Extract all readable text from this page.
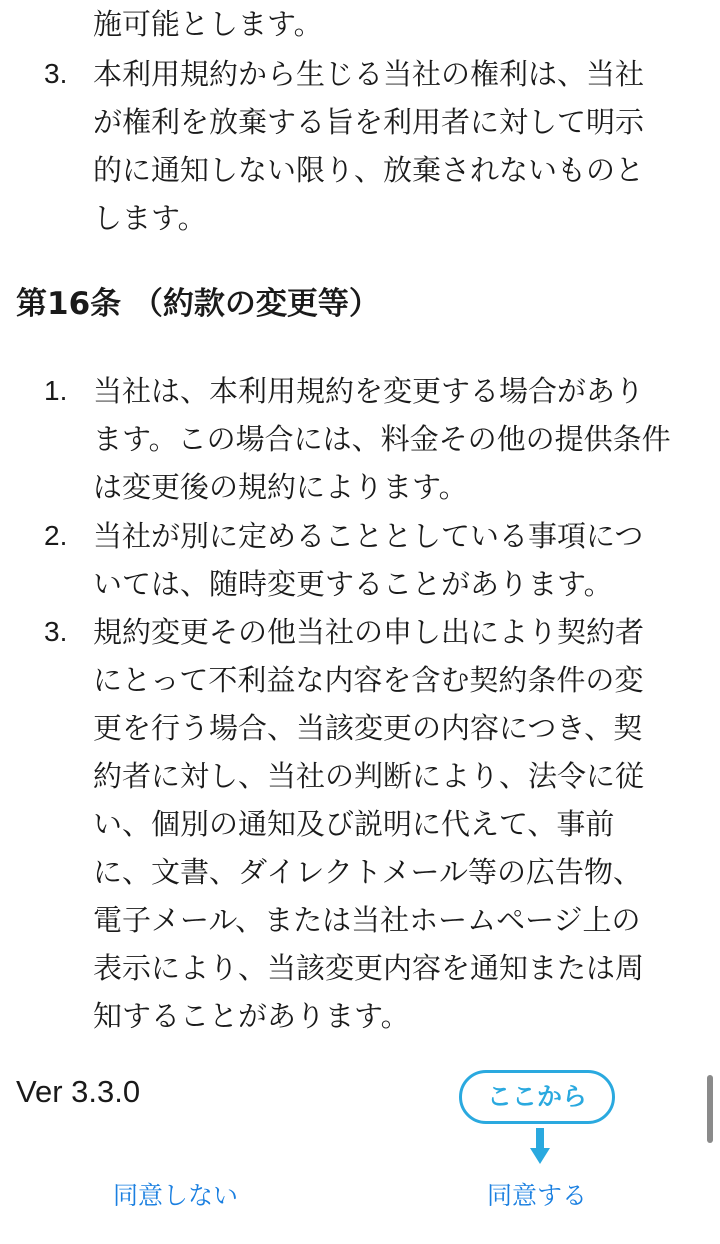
施可能とします。
3. 本利用規約から生じる当社の権利は、当社
が権利を放棄する旨を利用者に対して明示
的に通知しない限り、放棄されないものと
します。
第16条 （約款の変更等）
1. 当社は、本利用規約を変更する場合があり
ます。この場合には、料金その他の提供条件
は変更後の規約によります。
2. 当社が別に定めることとしている事項につ
いては、随時変更することがあります。
3. 規約変更その他当社の申し出により契約者
にとって不利益な内容を含む契約条件の変
更を行う場合、当該変更の内容につき、契
約者に対し、当社の判断により、法令に従
い、個別の通知及び説明に代えて、事前
に、文書、ダイレクトメール等の広告物、
電子メール、または当社ホームページ上の
表示により、当該変更内容を通知または周
知することがあります。
Ver 3.3.0	ここから
同意しない	同意する
